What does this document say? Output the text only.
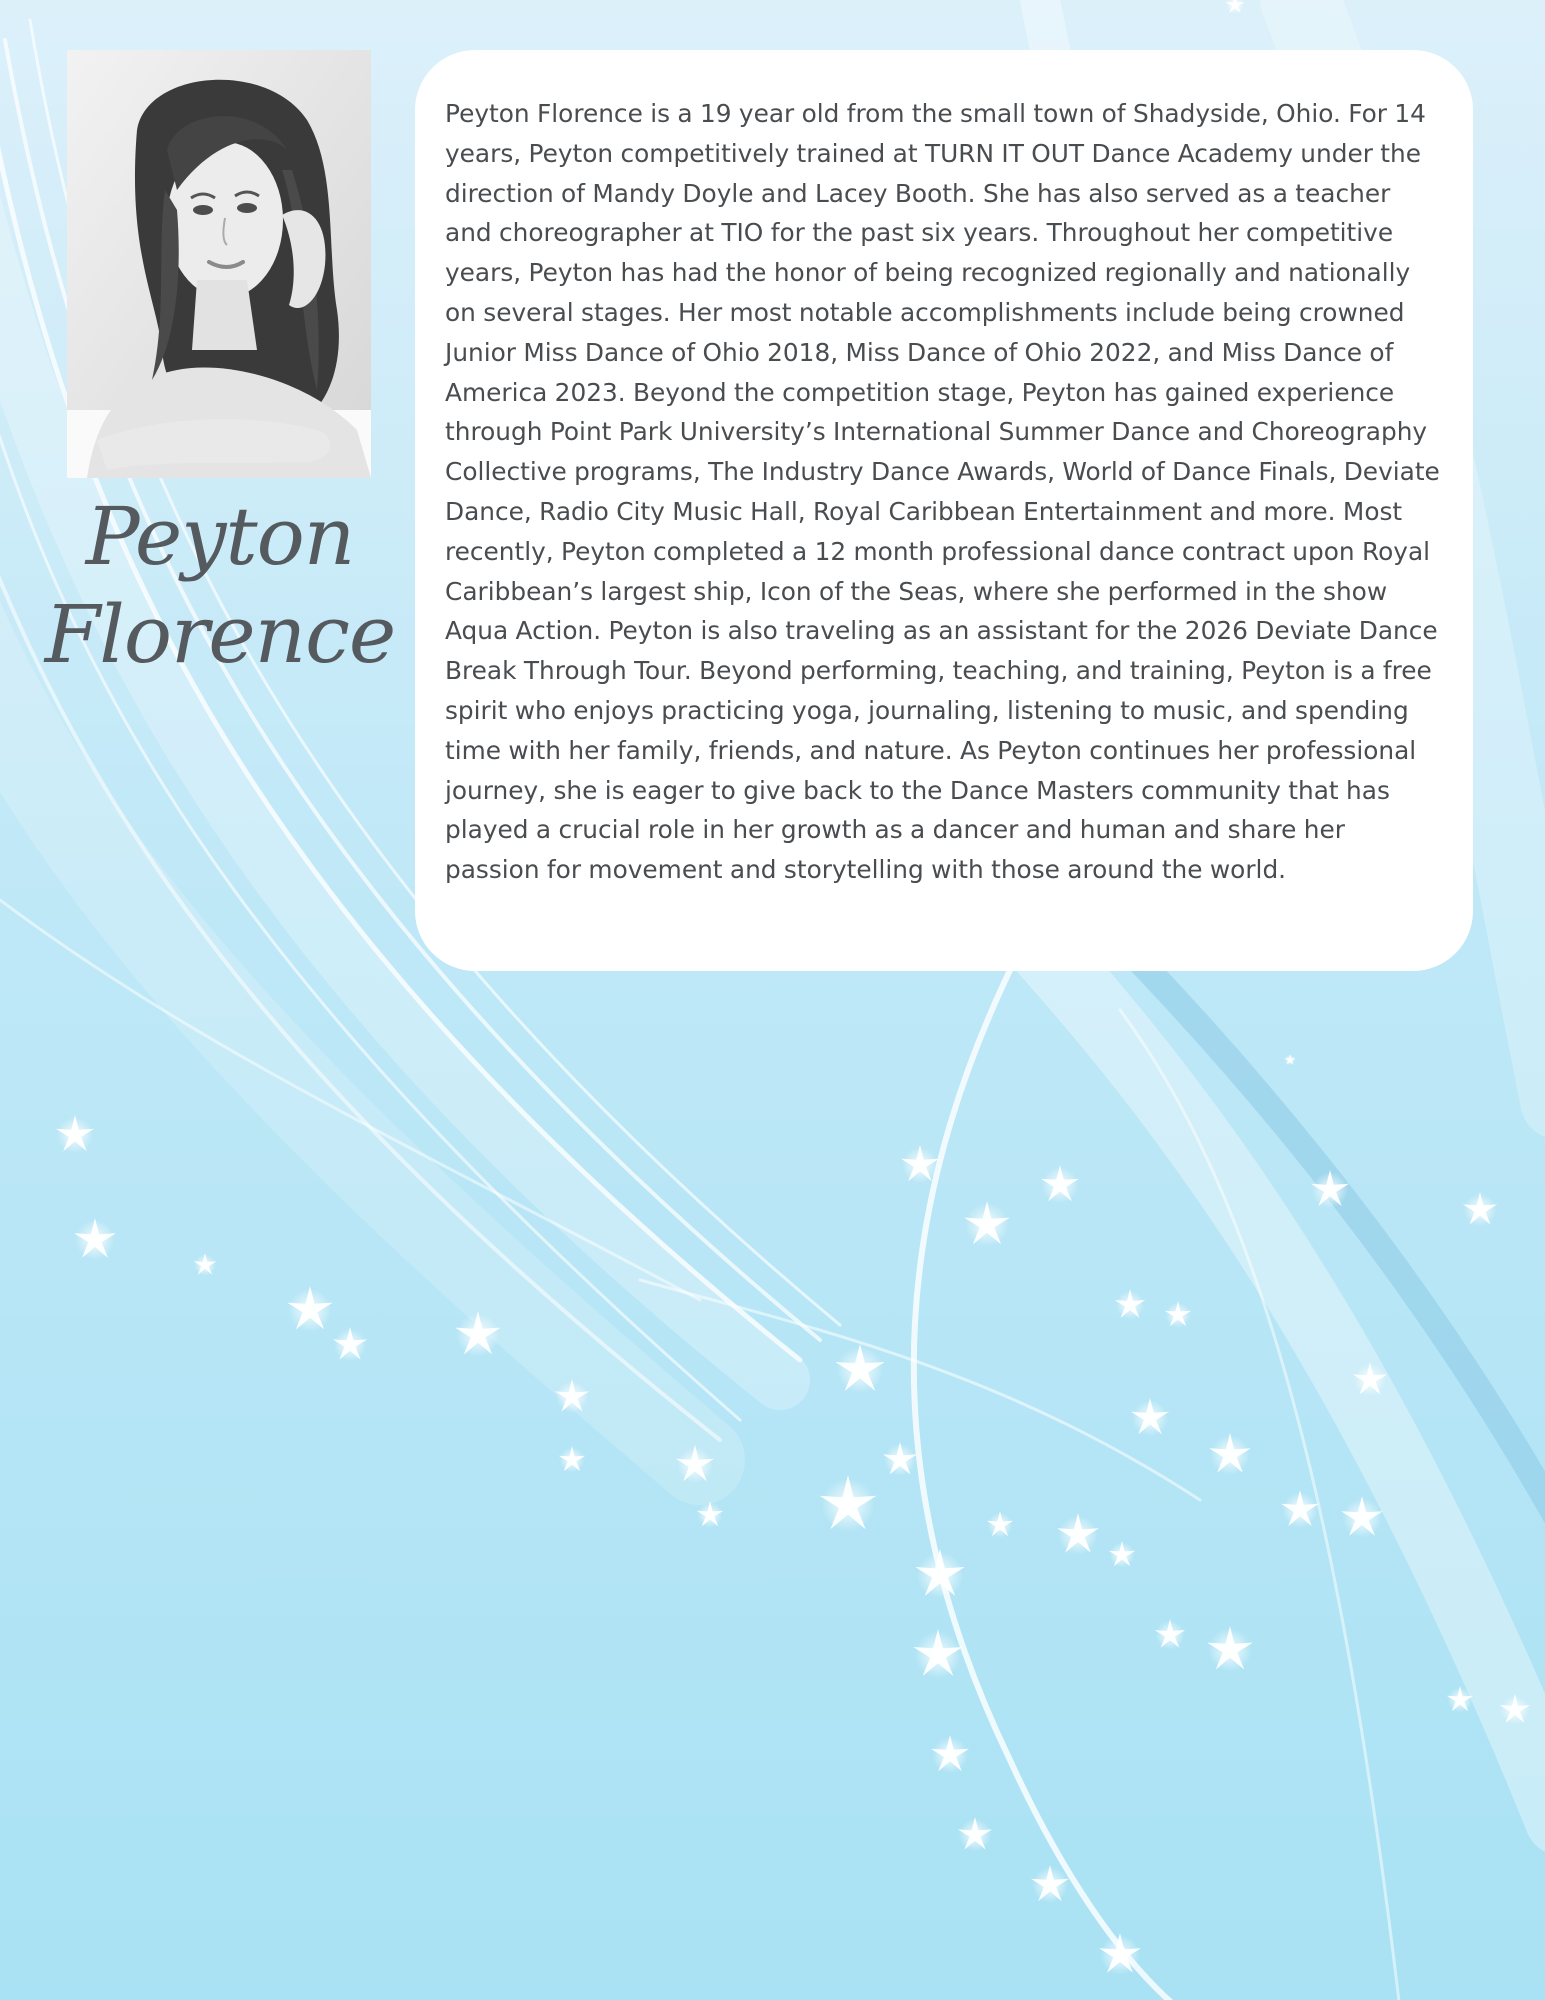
Peyton
Florence

Peyton Florence is a 19 year old from the small town of Shadyside, Ohio. For 14 years, Peyton competitively trained at TURN IT OUT Dance Academy under the direction of Mandy Doyle and Lacey Booth. She has also served as a teacher and choreographer at TIO for the past six years. Throughout her competitive years, Peyton has had the honor of being recognized regionally and nationally on several stages. Her most notable accomplishments include being crowned Junior Miss Dance of Ohio 2018, Miss Dance of Ohio 2022, and Miss Dance of America 2023. Beyond the competition stage, Peyton has gained experience through Point Park University’s International Summer Dance and Choreography Collective programs, The Industry Dance Awards, World of Dance Finals, Deviate Dance, Radio City Music Hall, Royal Caribbean Entertainment and more. Most recently, Peyton completed a 12 month professional dance contract upon Royal Caribbean’s largest ship, Icon of the Seas, where she performed in the show Aqua Action. Peyton is also traveling as an assistant for the 2026 Deviate Dance Break Through Tour. Beyond performing, teaching, and training, Peyton is a free spirit who enjoys practicing yoga, journaling, listening to music, and spending time with her family, friends, and nature. As Peyton continues her professional journey, she is eager to give back to the Dance Masters community that has played a crucial role in her growth as a dancer and human and share her passion for movement and storytelling with those around the world.
